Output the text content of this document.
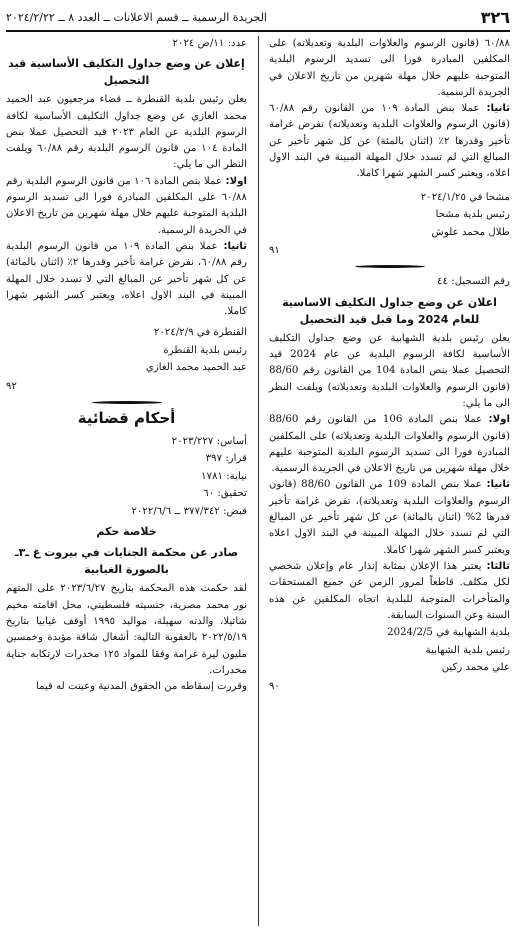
٣٢٦
الجريدة الرسمية ــ قسم الاعلانات ــ العدد ٨ ــ ٢٠٢٤/٢/٢٢

٦٠/٨٨ (قانون الرسوم والعلاوات البلدية وتعديلاته) على المكلفين المبادرة فورا الى تسديد الرسوم البلدية المتوجبة عليهم خلال مهلة شهرين من تاريخ الاعلان في الجريدة الرسمية.

ثانيا: عملا بنص المادة ١٠٩ من القانون رقم ٦٠/٨٨ (قانون الرسوم والعلاوات البلدية وتعديلاته) نفرض غرامة تأخير وقدرها ٢٪ (اثنان بالمئة) عن كل شهر تأخير عن المبالغ التي لم تسدد خلال المهلة المبينة في البند الاول اعلاه، ويعتبر كسر الشهر شهرا كاملا.

مشحا في ٢٠٢٤/١/٢٥
رئيس بلدية مشحا
طلال محمد علوش
٩١
رقم التسجيل: ٤٤
اعلان عن وضع جداول التكليف الاساسية للعام 2024 وما قبل قيد التحصيل

يعلن رئيس بلدية الشهابية عن وضع جداول التكليف الأساسية لكافة الرسوم البلدية عن عام 2024 قيد التحصيل عملا بنص المادة 104 من القانون رقم 88/60 (قانون الرسوم والعلاوات البلدية وتعديلاته) ويلفت النظر الى ما يلي:

اولا: عملا بنص المادة 106 من القانون رقم 88/60 (قانون الرسوم والعلاوات البلدية وتعديلاته) على المكلفين المبادرة فورا الى تسديد الرسوم البلدية المتوجبة عليهم خلال مهلة شهرين من تاريخ الاعلان في الجريدة الرسمية.

ثانيا: عملا بنص المادة 109 من القانون 88/60 (قانون الرسوم والعلاوات البلدية وتعديلاته)، تفرض غرامة تأخير قدرها 2% (اثنان بالمائة) عن كل شهر تأخير عن المبالغ التي لم تسدد خلال المهلة المبينة في البند الاول اعلاه ويعتبر كسر الشهر شهرا كاملا.

ثالثا: يعتبر هذا الإعلان بمثابة إنذار عام وإعلان شخصي لكل مكلف. قاطعاً لمرور الزمن عن جميع المستحقات والمتأخرات المتوجبة للبلدية اتجاه المكلفين عن هذه السنة وعن السنوات السابقة.

بلدية الشهابية في 2024/2/5
رئيس بلدية الشهابية
علي محمد ركين
٩٠
عدد: ١١/ص ٢٠٢٤
إعلان عن وضع جداول التكليف الأساسية قيد التحصيل

يعلن رئيس بلدية القنطرة ــ قضاء مرجعيون عبد الحميد محمد الغازي عن وضع جداول التكليف الأساسية لكافة الرسوم البلدية عن العام ٢٠٢٣ قيد التحصيل عملا بنص المادة ١٠٤ من قانون الرسوم البلدية رقم ٦٠/٨٨ ويلفت النظر الى ما يلي:

اولا: عملا بنص المادة ١٠٦ من قانون الرسوم البلدية رقم ٦٠/٨٨ على المكلفين المبادرة فورا الى تسديد الرسوم البلدية المتوجبة عليهم خلال مهلة شهرين من تاريخ الاعلان في الجريدة الرسمية.

ثانيا: عملا بنص المادة ١٠٩ من قانون الرسوم البلدية رقم ٦٠/٨٨، نفرض غرامة تأخير وقدرها ٢٪ (اثنان بالمائة) عن كل شهر تأخير عن المبالغ التي لا تسدد خلال المهلة المبينة في البند الاول اعلاه، ويعتبر كسر الشهر شهرا كاملا.

القنطرة في ٢٠٢٤/٢/٩
رئيس بلدية القنطرة
عبد الحميد محمد الغازي
٩٢
أحكام قضائية
أساس: ٢٠٢٣/٢٢٧
قرار: ٣٩٧
نيابة: ١٧٨١
تحقيق: ٦٠
قبض: ٣٧٧/٣٤٢ ــ ٢٠٢٢/٦/٦
خلاصة حكم
صادر عن محكمة الجنايات في بيروت غ ـ٣ـ بالصورة الغيابية

لقد حكمت هذه المحكمة بتاريخ ٢٠٢٣/٦/٢٧ على المتهم نور محمد مصرية، جنسيته فلسطيني، محل اقامته مخيم شاتيلا، والدته سهيلة، مواليد ١٩٩٥ أوقف غيابيا بتاريخ ٢٠٢٢/٥/١٩ بالعقوبة التالية: أشغال شاقة مؤبدة وخمسين مليون ليرة غرامة وفقا للمواد ١٢٥ مخدرات لارتكابه جناية مخدرات.

وقررت إسقاطه من الحقوق المدنية وعينت له قيما
